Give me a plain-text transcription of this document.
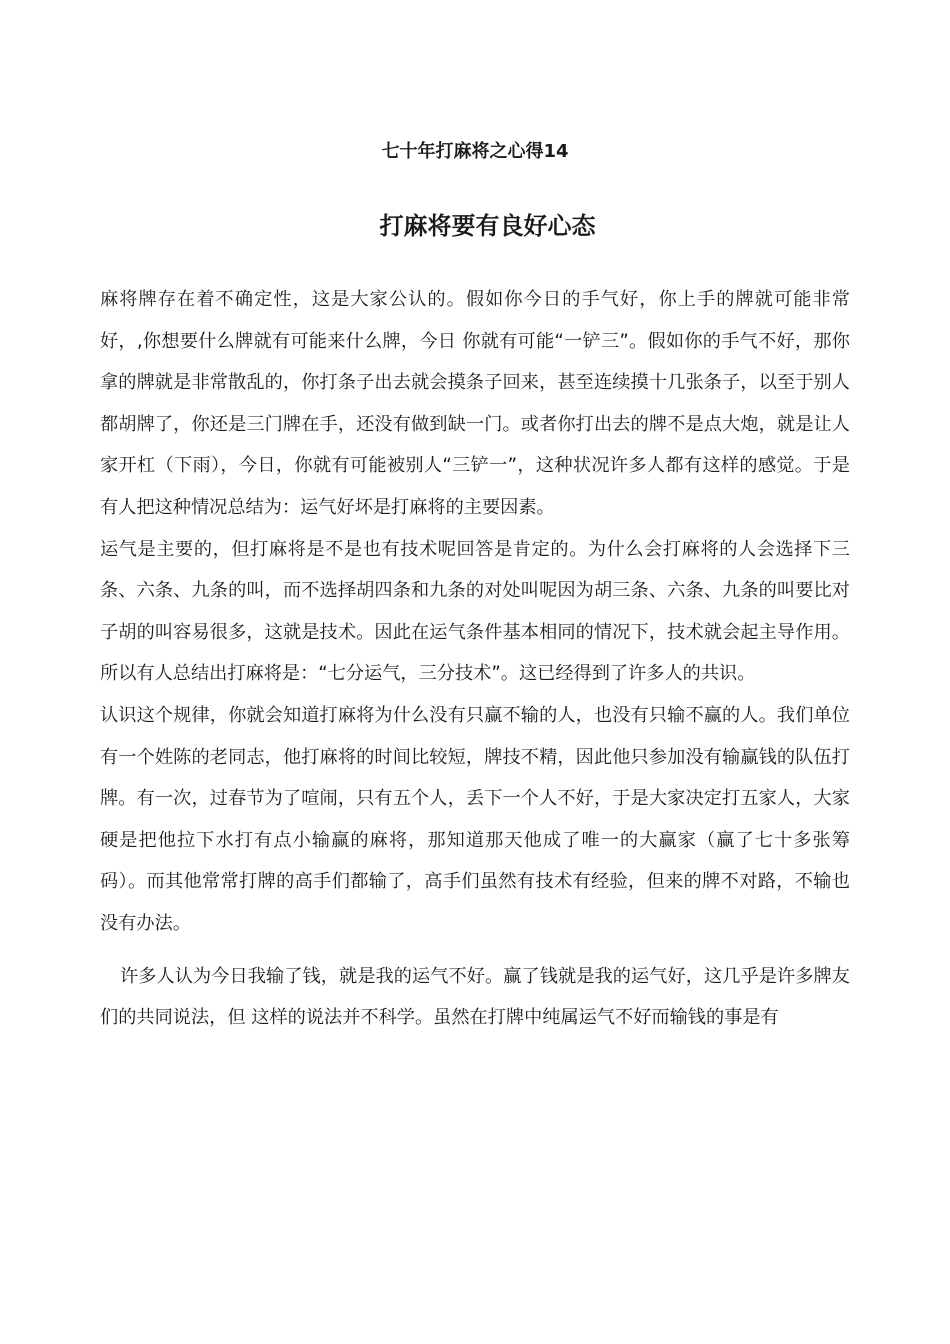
七十年打麻将之心得14
打麻将要有良好心态

麻将牌存在着不确定性，这是大家公认的。假如你今日的手气好，你上手的牌就可能非常好，,你想要什么牌就有可能来什么牌，今日 你就有可能“一铲三”。假如你的手气不好，那你拿的牌就是非常散乱的，你打条子出去就会摸条子回来，甚至连续摸十几张条子，以至于别人都胡牌了，你还是三门牌在手，还没有做到缺一门。或者你打出去的牌不是点大炮，就是让人家开杠（下雨），今日，你就有可能被别人“三铲一”，这种状况许多人都有这样的感觉。于是有人把这种情况总结为：运气好坏是打麻将的主要因素。

运气是主要的，但打麻将是不是也有技术呢回答是肯定的。为什么会打麻将的人会选择下三条、六条、九条的叫，而不选择胡四条和九条的对处叫呢因为胡三条、六条、九条的叫要比对子胡的叫容易很多，这就是技术。因此在运气条件基本相同的情况下，技术就会起主导作用。所以有人总结出打麻将是：“七分运气，三分技术”。这已经得到了许多人的共识。

认识这个规律，你就会知道打麻将为什么没有只赢不输的人，也没有只输不赢的人。我们单位有一个姓陈的老同志，他打麻将的时间比较短，牌技不精，因此他只参加没有输赢钱的队伍打牌。有一次，过春节为了喧闹，只有五个人，丢下一个人不好，于是大家决定打五家人，大家硬是把他拉下水打有点小输赢的麻将，那知道那天他成了唯一的大赢家（赢了七十多张筹码）。而其他常常打牌的高手们都输了，高手们虽然有技术有经验，但来的牌不对路，不输也没有办法。

许多人认为今日我输了钱，就是我的运气不好。赢了钱就是我的运气好，这几乎是许多牌友们的共同说法，但 这样的说法并不科学。虽然在打牌中纯属运气不好而输钱的事是有
